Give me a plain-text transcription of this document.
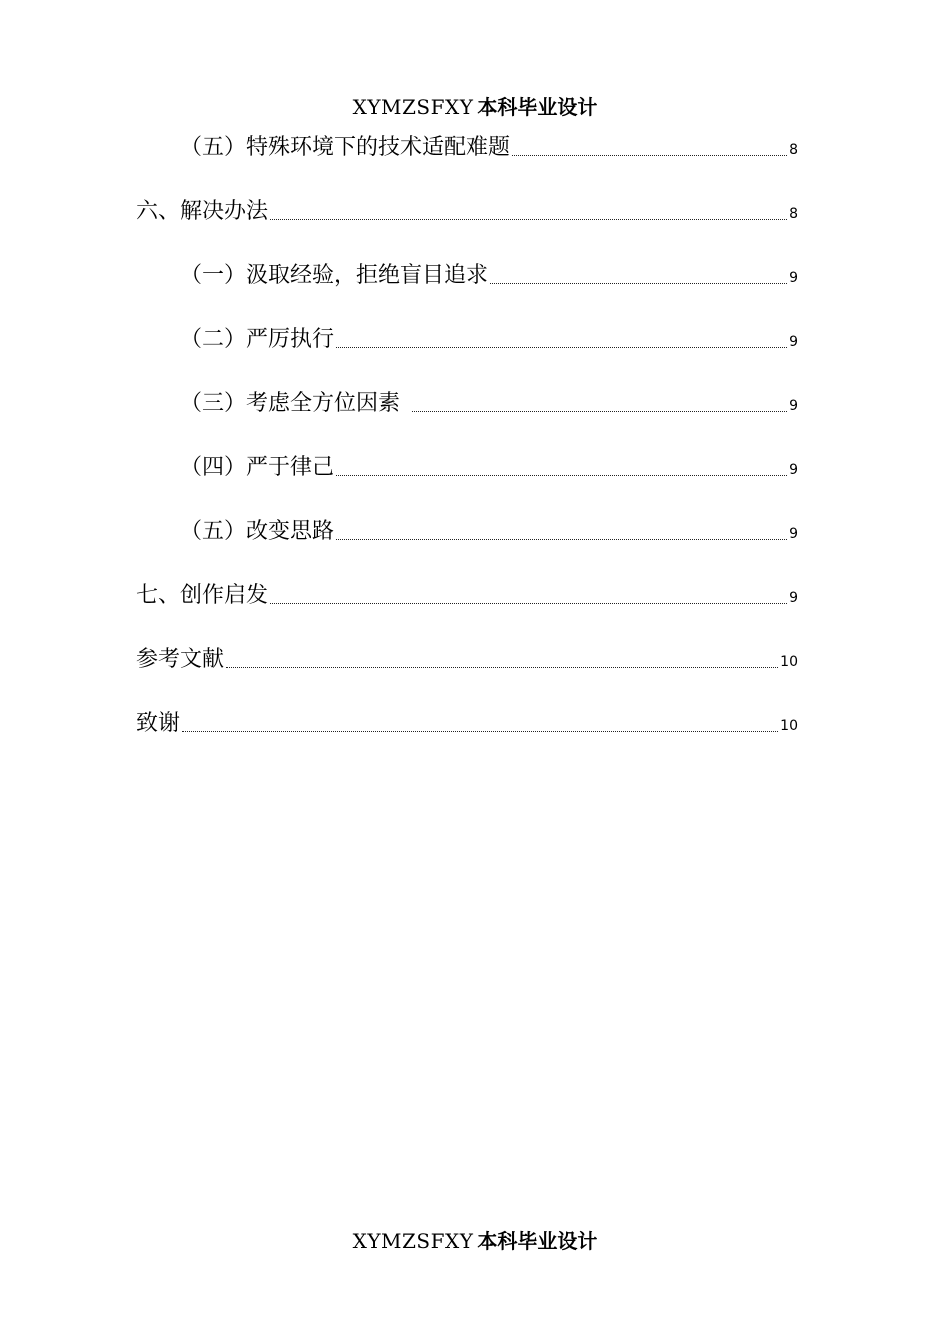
XYMZSFXY 本科毕业设计
（五）特殊环境下的技术适配难题	8
六、解决办法	8
（一）汲取经验，拒绝盲目追求	9
（二）严厉执行	9
（三）考虑全方位因素	9
（四）严于律己	9
（五）改变思路	9
七、创作启发	9
参考文献	10
致谢	10
XYMZSFXY 本科毕业设计
